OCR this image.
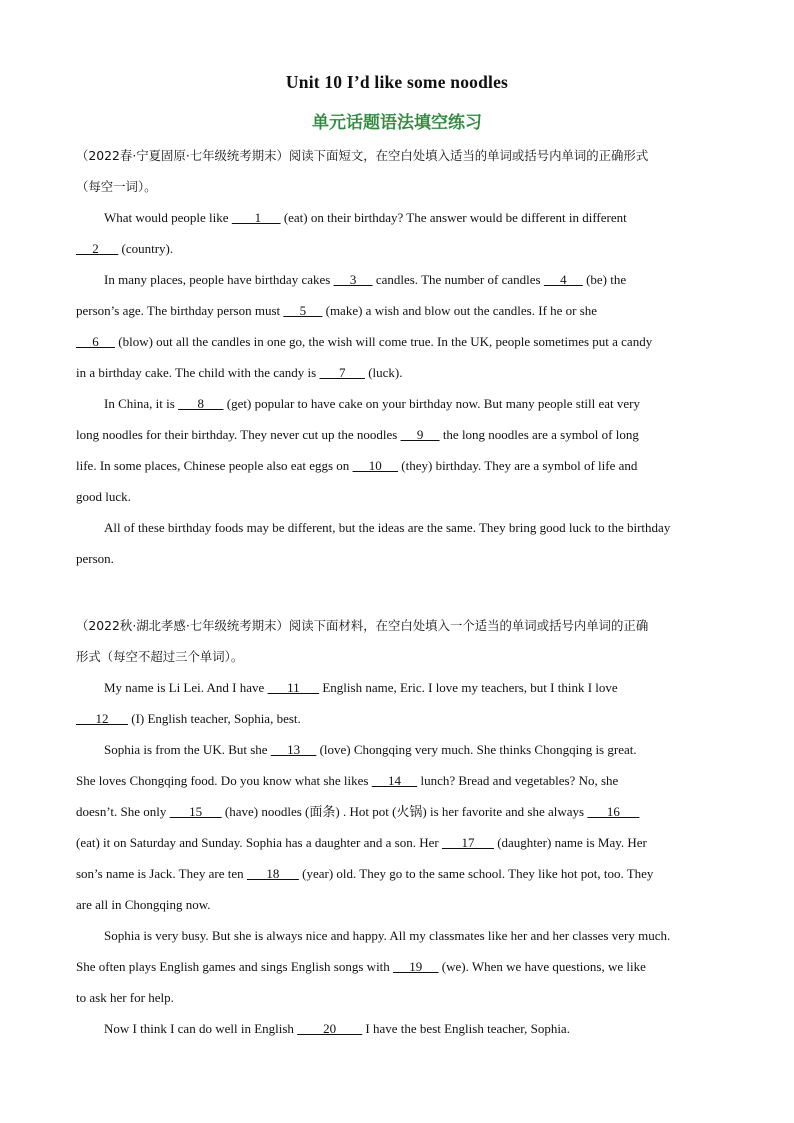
Unit 10 I’d like some noodles
单元话题语法填空练习
（2022春·宁夏固原·七年级统考期末）阅读下面短文，在空白处填入适当的单词或括号内单词的正确形式
（每空一词）。
What would people like        1       (eat) on their birthday? The answer would be different in different
2       (country).
In many places, people have birthday cakes      3      candles. The number of candles      4      (be) the
person’s age. The birthday person must      5      (make) a wish and blow out the candles. If he or she
6      (blow) out all the candles in one go, the wish will come true. In the UK, people sometimes put a candy
in a birthday cake. The child with the candy is       7       (luck).
In China, it is       8       (get) popular to have cake on your birthday now. But many people still eat very
long noodles for their birthday. They never cut up the noodles      9      the long noodles are a symbol of long
life. In some places, Chinese people also eat eggs on      10      (they) birthday. They are a symbol of life and
good luck.
All of these birthday foods may be different, but the ideas are the same. They bring good luck to the birthday
person.
（2022秋·湖北孝感·七年级统考期末）阅读下面材料，在空白处填入一个适当的单词或括号内单词的正确
形式（每空不超过三个单词）。
My name is Li Lei. And I have       11       English name, Eric. I love my teachers, but I think I love
12       (I) English teacher, Sophia, best.
Sophia is from the UK. But she      13      (love) Chongqing very much. She thinks Chongqing is great.
She loves Chongqing food. Do you know what she likes      14      lunch? Bread and vegetables? No, she
doesn’t. She only       15       (have) noodles (面条) . Hot pot (火锅) is her favorite and she always       16
(eat) it on Saturday and Sunday. Sophia has a daughter and a son. Her       17       (daughter) name is May. Her
son’s name is Jack. They are ten       18       (year) old. They go to the same school. They like hot pot, too. They
are all in Chongqing now.
Sophia is very busy. But she is always nice and happy. All my classmates like her and her classes very much.
She often plays English games and sings English songs with      19      (we). When we have questions, we like
to ask her for help.
Now I think I can do well in English         20         I have the best English teacher, Sophia.
